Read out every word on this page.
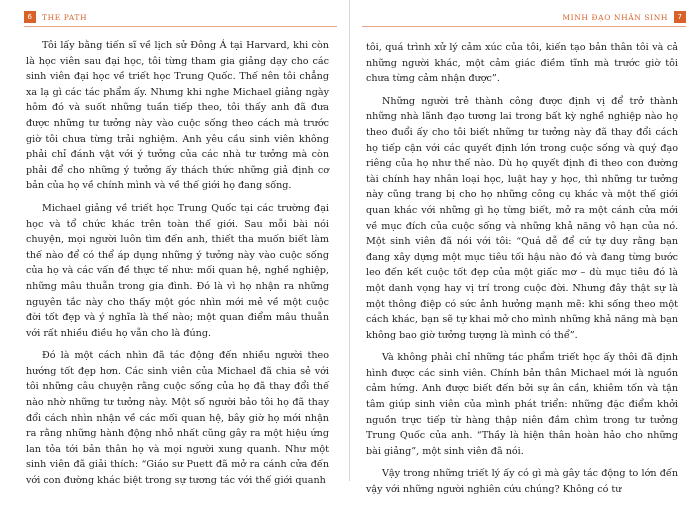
6	THE PATH

Tôi lấy bằng tiến sĩ về lịch sử Đông Á tại Harvard, khi còn là học viên sau đại học, tôi từng tham gia giảng dạy cho các sinh viên đại học về triết học Trung Quốc. Thế nên tôi chẳng xa lạ gì các tác phẩm ấy. Nhưng khi nghe Michael giảng ngày hôm đó và suốt những tuần tiếp theo, tôi thấy anh đã đưa được những tư tưởng này vào cuộc sống theo cách mà trước giờ tôi chưa từng trải nghiệm. Anh yêu cầu sinh viên không phải chỉ đánh vật với ý tưởng của các nhà tư tưởng mà còn phải để cho những ý tưởng ấy thách thức những giả định cơ bản của họ về chính mình và về thế giới họ đang sống.

Michael giảng về triết học Trung Quốc tại các trường đại học và tổ chức khác trên toàn thế giới. Sau mỗi bài nói chuyện, mọi người luôn tìm đến anh, thiết tha muốn biết làm thế nào để có thể áp dụng những ý tưởng này vào cuộc sống của họ và các vấn đề thực tế như: mối quan hệ, nghề nghiệp, những mâu thuẫn trong gia đình. Đó là vì họ nhận ra những nguyên tắc này cho thấy một góc nhìn mới mẻ về một cuộc đời tốt đẹp và ý nghĩa là thế nào; một quan điểm mâu thuẫn với rất nhiều điều họ vẫn cho là đúng.

Đó là một cách nhìn đã tác động đến nhiều người theo hướng tốt đẹp hơn. Các sinh viên của Michael đã chia sẻ với tôi những câu chuyện rằng cuộc sống của họ đã thay đổi thế nào nhờ những tư tưởng này. Một số người bảo tôi họ đã thay đổi cách nhìn nhận về các mối quan hệ, bây giờ họ mới nhận ra rằng những hành động nhỏ nhất cũng gây ra một hiệu ứng lan tỏa tới bản thân họ và mọi người xung quanh. Như một sinh viên đã giải thích: “Giáo sư Puett đã mở ra cánh cửa đến với con đường khác biệt trong sự tương tác với thế giới quanh

MINH ĐẠO NHÂN SINH	7

tôi, quá trình xử lý cảm xúc của tôi, kiến tạo bản thân tôi và cả những người khác, một cảm giác điềm tĩnh mà trước giờ tôi chưa từng cảm nhận được”.

Những người trẻ thành công được định vị để trở thành những nhà lãnh đạo tương lai trong bất kỳ nghề nghiệp nào họ theo đuổi ấy cho tôi biết những tư tưởng này đã thay đổi cách họ tiếp cận với các quyết định lớn trong cuộc sống và quý đạo riêng của họ như thế nào. Dù họ quyết định đi theo con đường tài chính hay nhân loại học, luật hay y học, thì những tư tưởng này cũng trang bị cho họ những công cụ khác và một thế giới quan khác với những gì họ từng biết, mở ra một cánh cửa mới về mục đích của cuộc sống và những khả năng vô hạn của nó. Một sinh viên đã nói với tôi: “Quá dễ để cứ tự duy rằng bạn đang xây dựng một mục tiêu tối hậu nào đó và đang từng bước leo đến kết cuộc tốt đẹp của một giấc mơ – dù mục tiêu đó là một danh vọng hay vị trí trong cuộc đời. Nhưng đây thật sự là một thông điệp có sức ảnh hưởng mạnh mẽ: khi sống theo một cách khác, bạn sẽ tự khai mở cho mình những khả năng mà bạn không bao giờ tưởng tượng là mình có thể”.

Và không phải chỉ những tác phẩm triết học ấy thôi đã định hình được các sinh viên. Chính bản thân Michael mới là nguồn cảm hứng. Anh được biết đến bởi sự ân cần, khiêm tốn và tận tâm giúp sinh viên của mình phát triển: những đặc điểm khởi nguồn trực tiếp từ hàng thập niên đắm chìm trong tư tưởng Trung Quốc của anh. “Thầy là hiện thân hoàn hảo cho những bài giảng”, một sinh viên đã nói.

Vậy trong những triết lý ấy có gì mà gây tác động to lớn đến vậy với những người nghiên cứu chúng? Không có tư
